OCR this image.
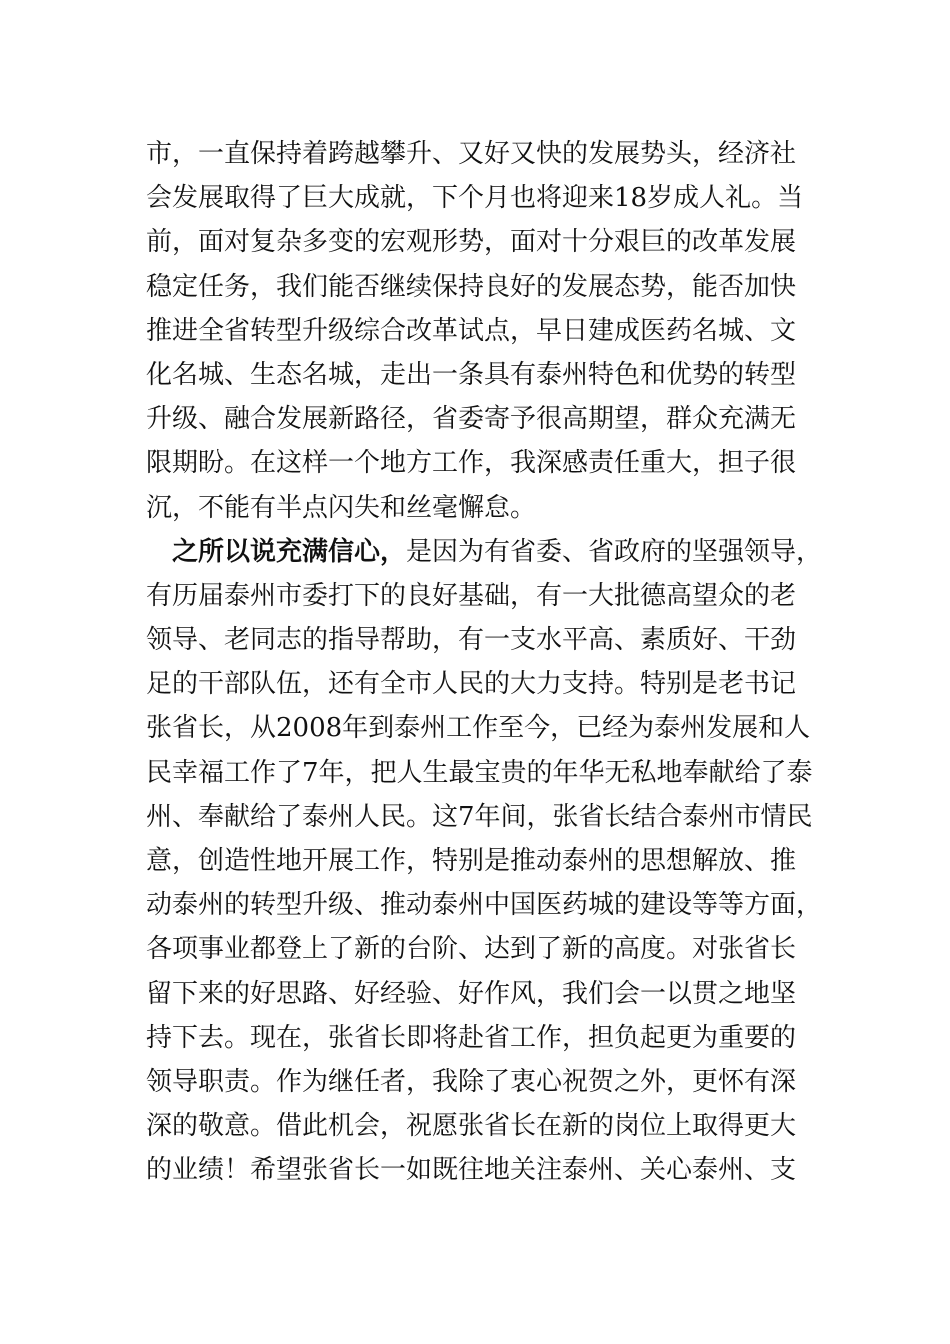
市，一直保持着跨越攀升、又好又快的发展势头，经济社
会发展取得了巨大成就，下个月也将迎来18岁成人礼。当
前，面对复杂多变的宏观形势，面对十分艰巨的改革发展
稳定任务，我们能否继续保持良好的发展态势，能否加快
推进全省转型升级综合改革试点，早日建成医药名城、文
化名城、生态名城，走出一条具有泰州特色和优势的转型
升级、融合发展新路径，省委寄予很高期望，群众充满无
限期盼。在这样一个地方工作，我深感责任重大，担子很
沉，不能有半点闪失和丝毫懈怠。
之所以说充满信心，是因为有省委、省政府的坚强领导，
有历届泰州市委打下的良好基础，有一大批德高望众的老
领导、老同志的指导帮助，有一支水平高、素质好、干劲
足的干部队伍，还有全市人民的大力支持。特别是老书记
张省长，从2008年到泰州工作至今，已经为泰州发展和人
民幸福工作了7年，把人生最宝贵的年华无私地奉献给了泰
州、奉献给了泰州人民。这7年间，张省长结合泰州市情民
意，创造性地开展工作，特别是推动泰州的思想解放、推
动泰州的转型升级、推动泰州中国医药城的建设等等方面，
各项事业都登上了新的台阶、达到了新的高度。对张省长
留下来的好思路、好经验、好作风，我们会一以贯之地坚
持下去。现在，张省长即将赴省工作，担负起更为重要的
领导职责。作为继任者，我除了衷心祝贺之外，更怀有深
深的敬意。借此机会，祝愿张省长在新的岗位上取得更大
的业绩！希望张省长一如既往地关注泰州、关心泰州、支
